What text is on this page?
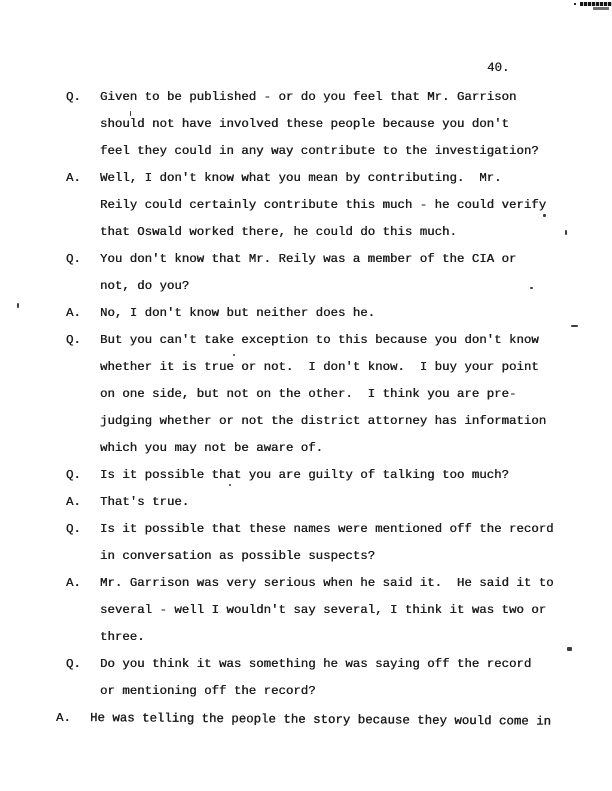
40.
Q. Given to be published - or do you feel that Mr. Garrison
should not have involved these people because you don't
feel they could in any way contribute to the investigation?
A. Well, I don't know what you mean by contributing.  Mr.
Reily could certainly contribute this much - he could verify
that Oswald worked there, he could do this much.
Q. You don't know that Mr. Reily was a member of the CIA or
not, do you?
A. No, I don't know but neither does he.
Q. But you can't take exception to this because you don't know
whether it is true or not.  I don't know.  I buy your point
on one side, but not on the other.  I think you are pre-
judging whether or not the district attorney has information
which you may not be aware of.
Q. Is it possible that you are guilty of talking too much?
A. That's true.
Q. Is it possible that these names were mentioned off the record
in conversation as possible suspects?
A. Mr. Garrison was very serious when he said it.  He said it to
several - well I wouldn't say several, I think it was two or
three.
Q. Do you think it was something he was saying off the record
or mentioning off the record?
A. He was telling the people the story because they would come in
